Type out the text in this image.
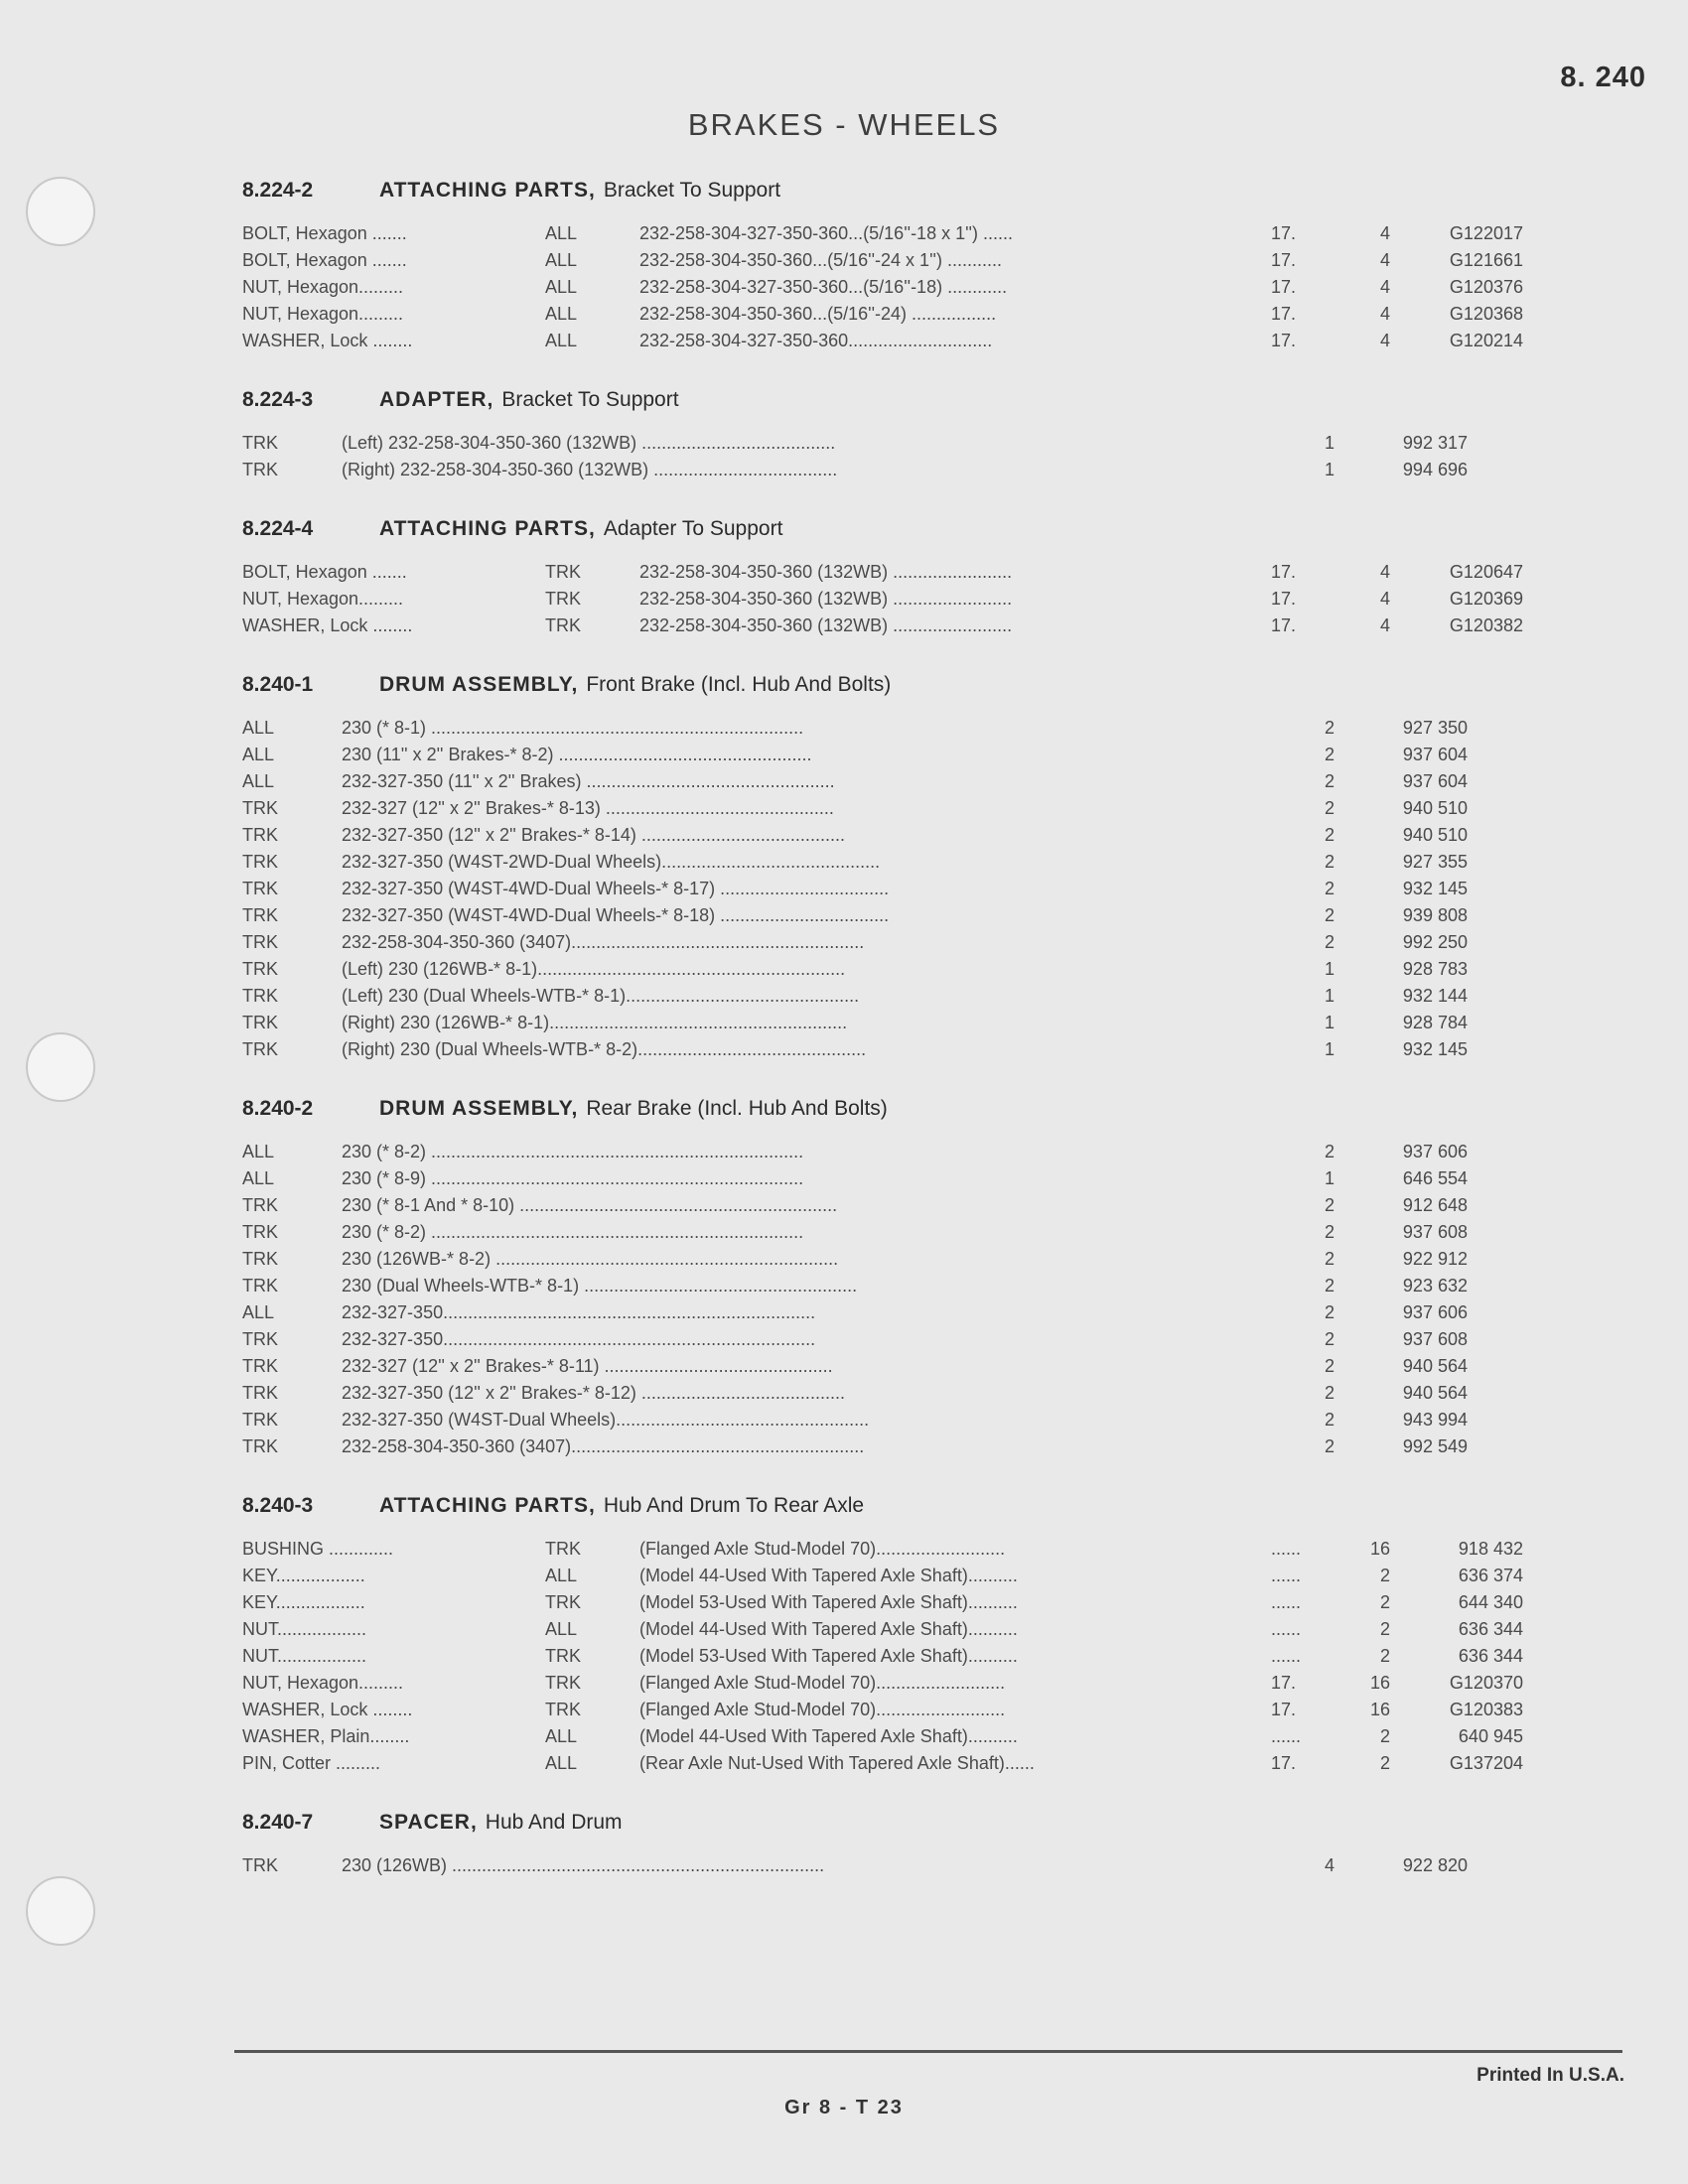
8. 240
BRAKES - WHEELS
8.224-2	ATTACHING PARTS, Bracket To Support
BOLT, Hexagon .......	ALL	232-258-304-327-350-360...(5/16''-18 x 1'') ......	17.	4	G122017
BOLT, Hexagon .......	ALL	232-258-304-350-360...(5/16''-24 x 1'') ...........	17.	4	G121661
NUT, Hexagon.........	ALL	232-258-304-327-350-360...(5/16''-18) ............	17.	4	G120376
NUT, Hexagon.........	ALL	232-258-304-350-360...(5/16''-24) .................	17.	4	G120368
WASHER, Lock ........	ALL	232-258-304-327-350-360.............................	17.	4	G120214
8.224-3	ADAPTER, Bracket To Support
TRK	(Left) 232-258-304-350-360 (132WB) .......................................	1	992 317
TRK	(Right) 232-258-304-350-360 (132WB) .....................................	1	994 696
8.224-4	ATTACHING PARTS, Adapter To Support
BOLT, Hexagon .......	TRK	232-258-304-350-360 (132WB) ........................	17.	4	G120647
NUT, Hexagon.........	TRK	232-258-304-350-360 (132WB) ........................	17.	4	G120369
WASHER, Lock ........	TRK	232-258-304-350-360 (132WB) ........................	17.	4	G120382
8.240-1	DRUM ASSEMBLY, Front Brake (Incl. Hub And Bolts)
ALL	230 (* 8-1) ...........................................................................	2	927 350
ALL	230 (11'' x 2'' Brakes-* 8-2) ...................................................	2	937 604
ALL	232-327-350 (11'' x 2'' Brakes) ..................................................	2	937 604
TRK	232-327 (12'' x 2'' Brakes-* 8-13) ..............................................	2	940 510
TRK	232-327-350 (12'' x 2'' Brakes-* 8-14) .........................................	2	940 510
TRK	232-327-350 (W4ST-2WD-Dual Wheels)............................................	2	927 355
TRK	232-327-350 (W4ST-4WD-Dual Wheels-* 8-17) ..................................	2	932 145
TRK	232-327-350 (W4ST-4WD-Dual Wheels-* 8-18) ..................................	2	939 808
TRK	232-258-304-350-360 (3407)...........................................................	2	992 250
TRK	(Left) 230 (126WB-* 8-1)..............................................................	1	928 783
TRK	(Left) 230 (Dual Wheels-WTB-* 8-1)...............................................	1	932 144
TRK	(Right) 230 (126WB-* 8-1)............................................................	1	928 784
TRK	(Right) 230 (Dual Wheels-WTB-* 8-2)..............................................	1	932 145
8.240-2	DRUM ASSEMBLY, Rear Brake (Incl. Hub And Bolts)
ALL	230 (* 8-2) ...........................................................................	2	937 606
ALL	230 (* 8-9) ...........................................................................	1	646 554
TRK	230 (* 8-1 And * 8-10) ................................................................	2	912 648
TRK	230 (* 8-2) ...........................................................................	2	937 608
TRK	230 (126WB-* 8-2) .....................................................................	2	922 912
TRK	230 (Dual Wheels-WTB-* 8-1) .......................................................	2	923 632
ALL	232-327-350...........................................................................	2	937 606
TRK	232-327-350...........................................................................	2	937 608
TRK	232-327 (12'' x 2'' Brakes-* 8-11) ..............................................	2	940 564
TRK	232-327-350 (12'' x 2'' Brakes-* 8-12) .........................................	2	940 564
TRK	232-327-350 (W4ST-Dual Wheels)...................................................	2	943 994
TRK	232-258-304-350-360 (3407)...........................................................	2	992 549
8.240-3	ATTACHING PARTS, Hub And Drum To Rear Axle
BUSHING .............	TRK	(Flanged Axle Stud-Model 70)..........................	......	16	918 432
KEY..................	ALL	(Model 44-Used With Tapered Axle Shaft)..........	......	2	636 374
KEY..................	TRK	(Model 53-Used With Tapered Axle Shaft)..........	......	2	644 340
NUT..................	ALL	(Model 44-Used With Tapered Axle Shaft)..........	......	2	636 344
NUT..................	TRK	(Model 53-Used With Tapered Axle Shaft)..........	......	2	636 344
NUT, Hexagon.........	TRK	(Flanged Axle Stud-Model 70)..........................	17.	16	G120370
WASHER, Lock ........	TRK	(Flanged Axle Stud-Model 70)..........................	17.	16	G120383
WASHER, Plain........	ALL	(Model 44-Used With Tapered Axle Shaft)..........	......	2	640 945
PIN, Cotter .........	ALL	(Rear Axle Nut-Used With Tapered Axle Shaft)......	17.	2	G137204
8.240-7	SPACER, Hub And Drum
TRK	230 (126WB) ...........................................................................	4	922 820
Printed In U.S.A.
Gr 8 - T 23
